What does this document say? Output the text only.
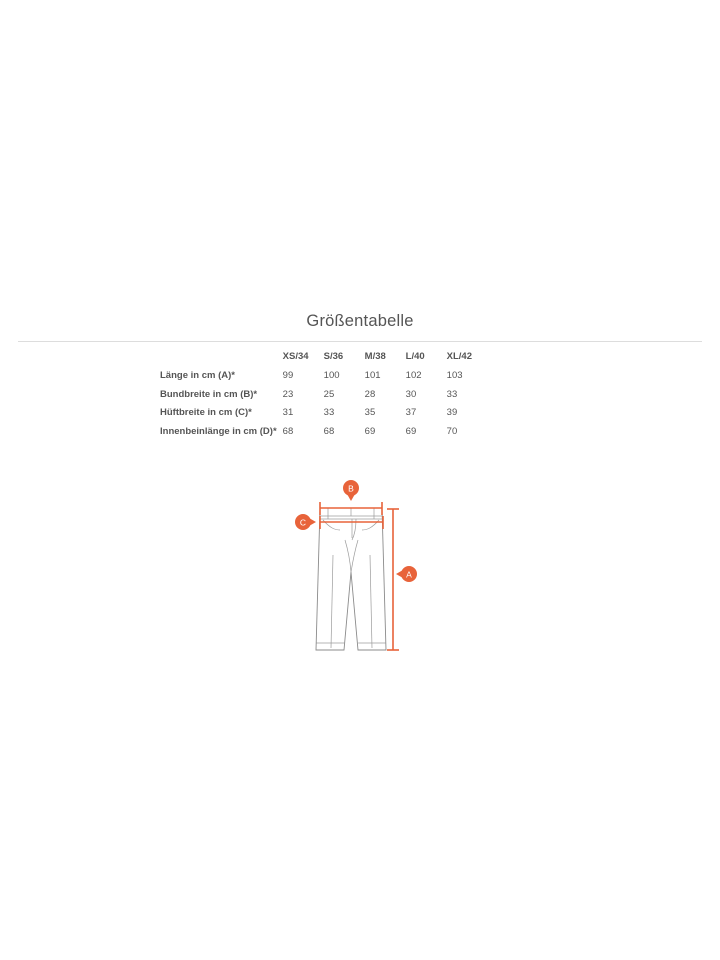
Größentabelle
	XS/34	S/36	M/38	L/40	XL/42
Länge in cm (A)*	99	100	101	102	103
Bundbreite in cm (B)*	23	25	28	30	33
Hüftbreite in cm (C)*	31	33	35	37	39
Innenbeinlänge in cm (D)*	68	68	69	69	70
B
C
A
